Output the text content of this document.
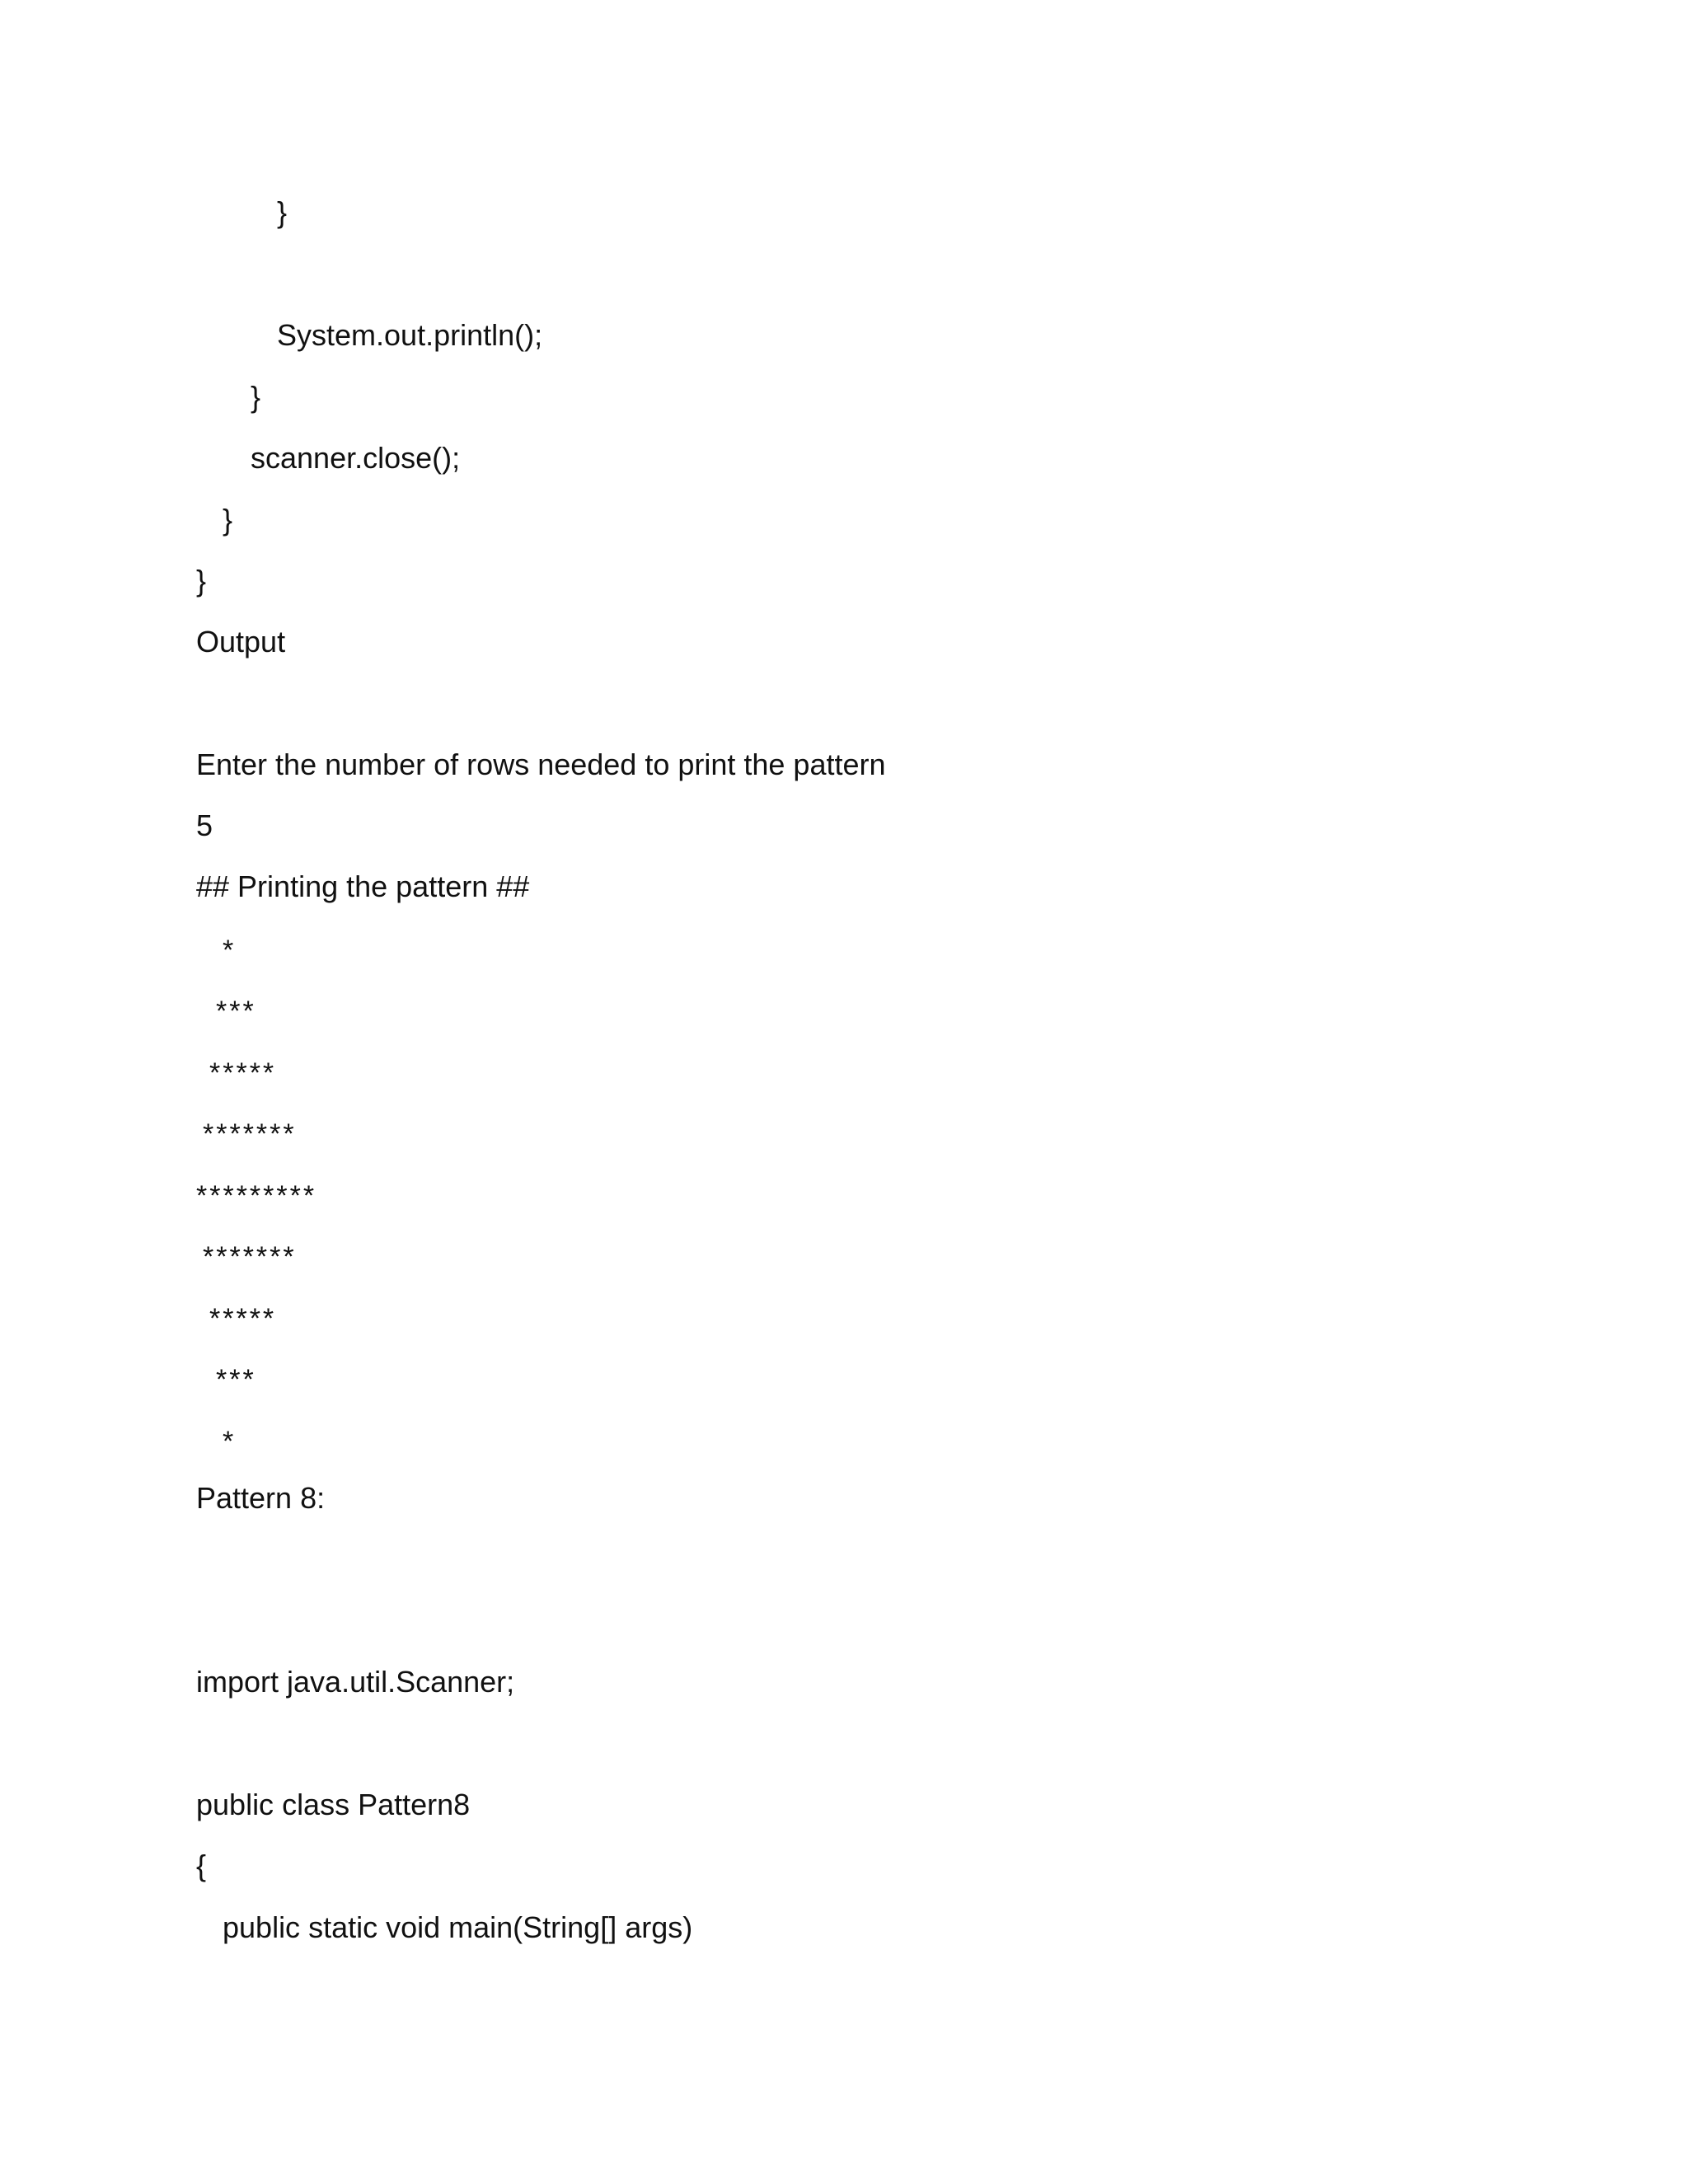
}
System.out.println();
}
scanner.close();
}
}
Output
Enter the number of rows needed to print the pattern
5
## Printing the pattern ##
*
***
*****
*******
*********
*******
*****
***
*
Pattern 8:
import java.util.Scanner;
public class Pattern8
{
public static void main(String[] args)
